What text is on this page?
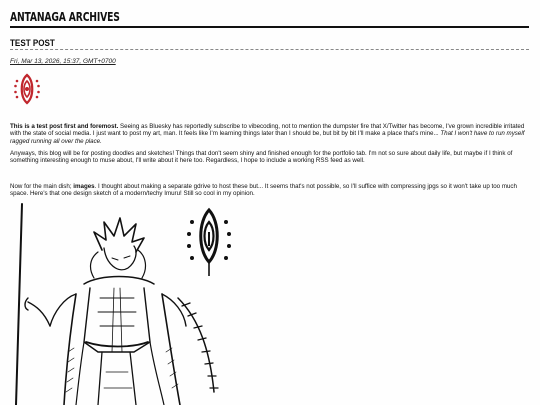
ANTANAGA ARCHIVES
TEST POST
Fri, Mar 13, 2026, 15:37, GMT+0700
This is a test post first and foremost. Seeing as Bluesky has reportedly subscribe to vibecoding, not to mention the dumpster fire that X/Twitter has become, I've grown incredible irritated with the state of social media. I just want to post my art, man. It feels like I'm learning things later than I should be, but bit by bit I'll make a place that's mine... That I won't have to run myself ragged running all over the place.
Anyways, this blog will be for posting doodles and sketches! Things that don't seem shiny and finished enough for the portfolio tab. I'm not so sure about daily life, but maybe if I think of something interesting enough to muse about, I'll write about it here too. Regardless, I hope to include a working RSS feed as well.
Now for the main dish; images. I thought about making a separate gdrive to host these but... It seems that's not possible, so I'll suffice with compressing jpgs so it won't take up too much space. Here's that one design sketch of a modern/techy Imuru! Still so cool in my opinion.
